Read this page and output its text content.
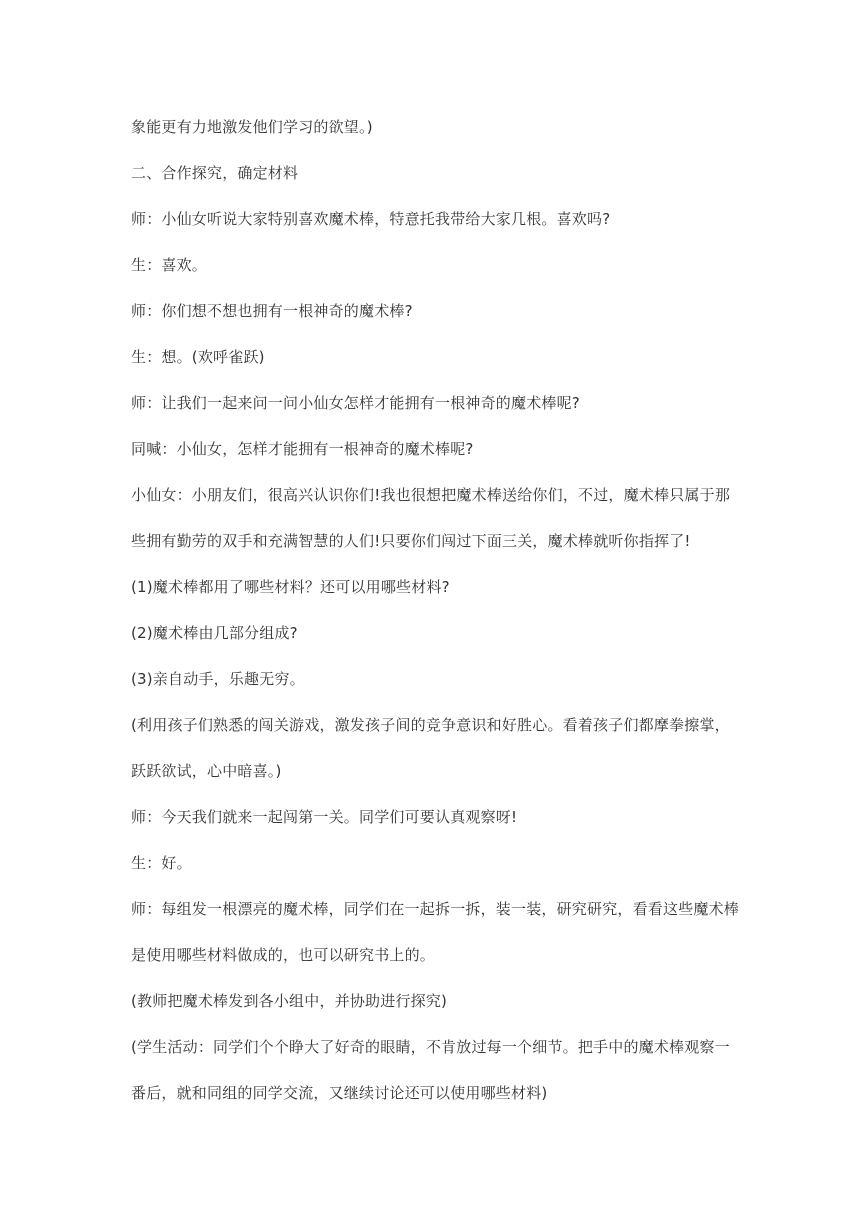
象能更有力地激发他们学习的欲望。)
二、合作探究，确定材料
师：小仙女听说大家特别喜欢魔术棒，特意托我带给大家几根。喜欢吗?
生：喜欢。
师：你们想不想也拥有一根神奇的魔术棒?
生：想。(欢呼雀跃)
师：让我们一起来问一问小仙女怎样才能拥有一根神奇的魔术棒呢?
同喊：小仙女，怎样才能拥有一根神奇的魔术棒呢?
小仙女：小朋友们，很高兴认识你们!我也很想把魔术棒送给你们，不过，魔术棒只属于那
些拥有勤劳的双手和充满智慧的人们!只要你们闯过下面三关，魔术棒就听你指挥了!
(1)魔术棒都用了哪些材料？还可以用哪些材料?
(2)魔术棒由几部分组成?
(3)亲自动手，乐趣无穷。
(利用孩子们熟悉的闯关游戏，激发孩子间的竞争意识和好胜心。看着孩子们都摩拳擦掌，
跃跃欲试，心中暗喜。)
师：今天我们就来一起闯第一关。同学们可要认真观察呀!
生：好。
师：每组发一根漂亮的魔术棒，同学们在一起拆一拆，装一装，研究研究，看看这些魔术棒
是使用哪些材料做成的，也可以研究书上的。
(教师把魔术棒发到各小组中，并协助进行探究)
(学生活动：同学们个个睁大了好奇的眼睛，不肯放过每一个细节。把手中的魔术棒观察一
番后，就和同组的同学交流，又继续讨论还可以使用哪些材料)
